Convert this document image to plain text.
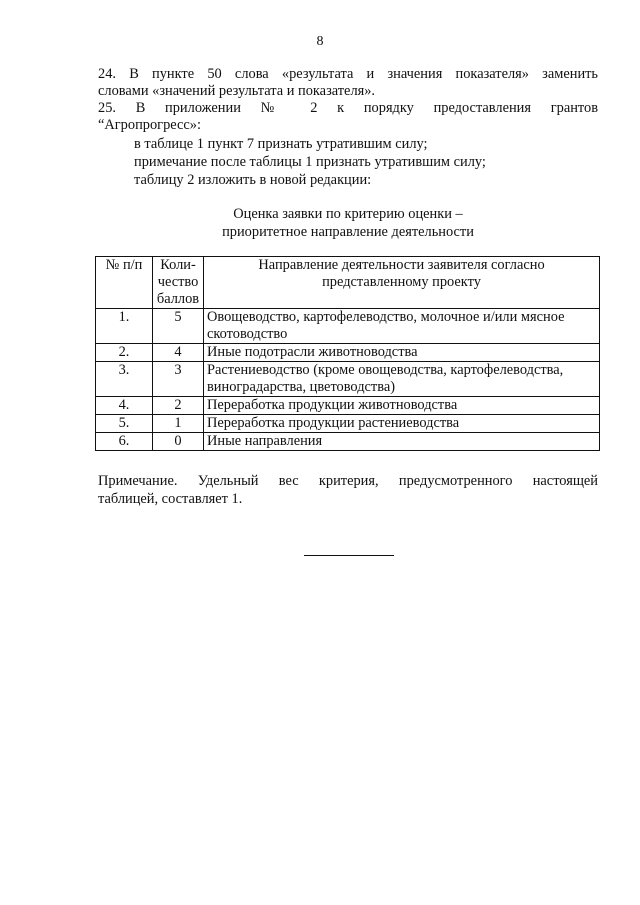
8

24. В пункте 50 слова «результата и значения показателя» заменить

словами «значений результата и показателя».

25. В приложении № 2 к порядку предоставления грантов

“Агропрогресс»:

в таблице 1 пункт 7 признать утратившим силу;

примечание после таблицы 1 признать утратившим силу;

таблицу 2 изложить в новой редакции:

Оценка заявки по критерию оценки –
приоритетное направление деятельности
№ п/п	Коли-чество баллов	Направление деятельности заявителя согласно представленному проекту
1.	5	Овощеводство, картофелеводство, молочное и/или мясное скотоводство
2.	4	Иные подотрасли животноводства
3.	3	Растениеводство (кроме овощеводства, картофелеводства, виноградарства, цветоводства)
4.	2	Переработка продукции животноводства
5.	1	Переработка продукции растениеводства
6.	0	Иные направления
Примечание. Удельный вес критерия, предусмотренного настоящей
таблицей, составляет 1.
